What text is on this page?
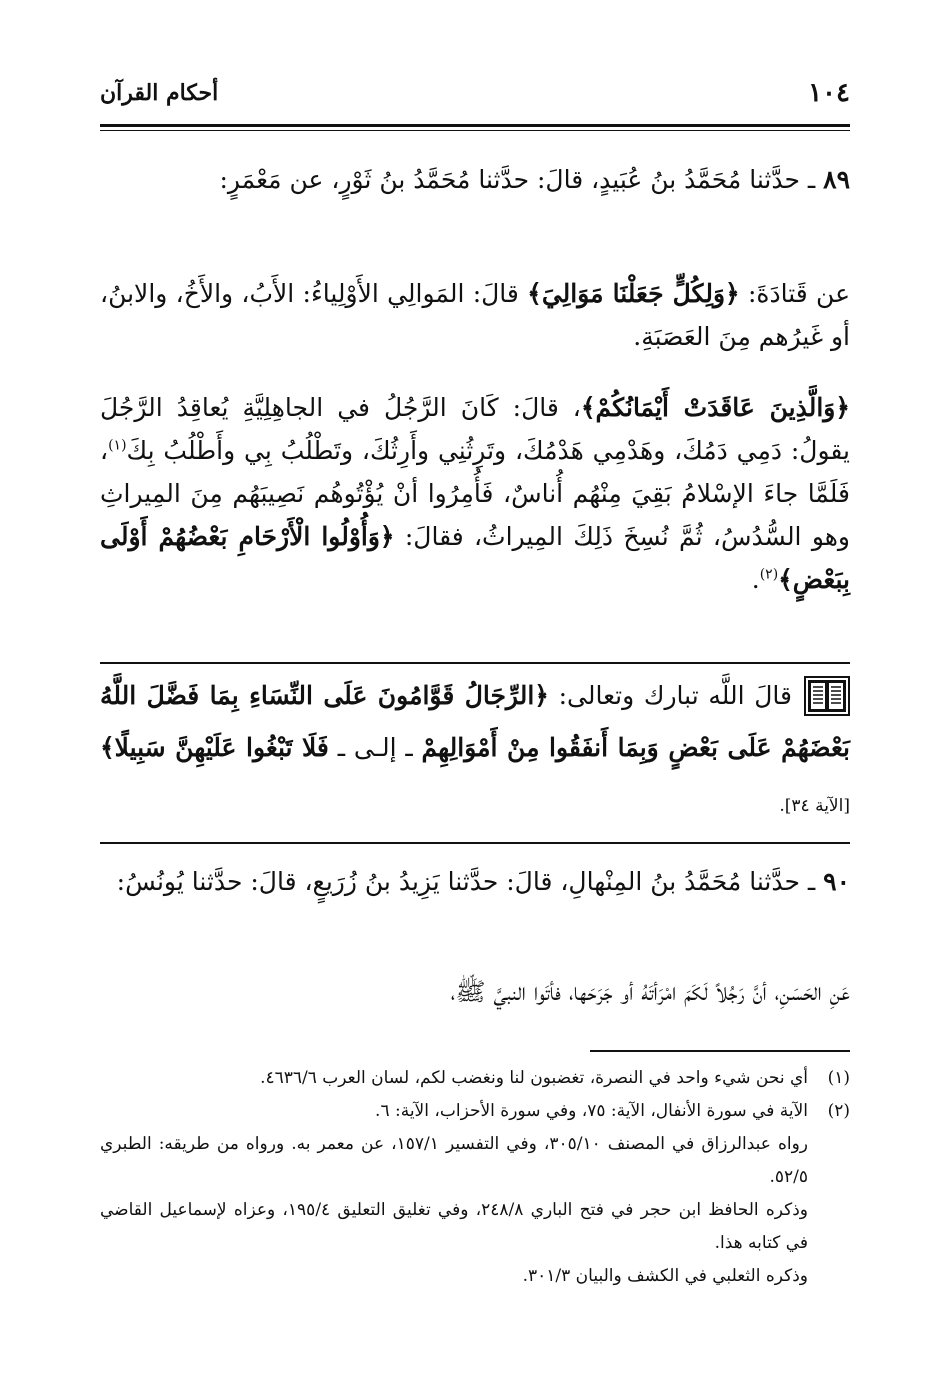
١٠٤
أحكام القرآن
٨٩ ـ حدَّثنا مُحَمَّدُ بنُ عُبَيدٍ، قالَ: حدَّثنا مُحَمَّدُ بنُ ثَوْرٍ، عن مَعْمَرٍ:
عن قَتادَةَ: ﴿وَلِكُلٍّ جَعَلْنَا مَوَالِيَ﴾ قالَ: المَوالِي الأَوْلِياءُ: الأَبُ، والأَخُ، والابنُ، أو غَيرُهم مِنَ العَصَبَةِ.
﴿وَالَّذِينَ عَاقَدَتْ أَيْمَانُكُمْ﴾، قالَ: كَانَ الرَّجُلُ في الجاهِلِيَّةِ يُعاقِدُ الرَّجُلَ يقولُ: دَمِي دَمُكَ، وهَدْمِي هَدْمُكَ، وتَرِثُنِي وأَرِثُكَ، وتَطْلُبُ بِي وأَطْلُبُ بِكَ$^{(١)}$، فَلَمَّا جاءَ الإسْلامُ بَقِيَ مِنْهُم أُناسٌ، فَأُمِرُوا أنْ يُؤْتُوهُم نَصِيبَهُم مِنَ المِيراثِ وهو السُّدُسُ، ثُمَّ نُسِخَ ذَلِكَ المِيراثُ، فقالَ: ﴿وَأُوْلُوا الْأَرْحَامِ بَعْضُهُمْ أَوْلَى بِبَعْضٍ﴾$^{(٢)}$.
قالَ اللَّه تبارك وتعالى: ﴿الرِّجَالُ قَوَّامُونَ عَلَى النِّسَاءِ بِمَا فَضَّلَ اللَّهُ بَعْضَهُمْ عَلَى بَعْضٍ وَبِمَا أَنفَقُوا مِنْ أَمْوَالِهِمْ ـ إلـى ـ فَلَا تَبْغُوا عَلَيْهِنَّ سَبِيلًا﴾ [الآية ٣٤].
٩٠ ـ حدَّثنا مُحَمَّدُ بنُ المِنْهالِ، قالَ: حدَّثنا يَزِيدُ بنُ زُرَيعٍ، قالَ: حدَّثنا يُونُسُ:
عَنِ الحَسَنِ، أنَّ رَجُلاً لَكَمَ امْرَأتَهُ أو جَرَحَها، فأتَوا النبيَّ ﷺ،
(١)
أي نحن شيء واحد في النصرة، تغضبون لنا ونغضب لكم، لسان العرب ٤٦٣٦/٦.
(٢)
الآية في سورة الأنفال، الآية: ٧٥، وفي سورة الأحزاب، الآية: ٦.
رواه عبدالرزاق في المصنف ٣٠٥/١٠، وفي التفسير ١٥٧/١، عن معمر به. ورواه من طريقه: الطبري ٥٢/٥.
وذكره الحافظ ابن حجر في فتح الباري ٢٤٨/٨، وفي تغليق التعليق ١٩٥/٤، وعزاه لإسماعيل القاضي في كتابه هذا.
وذكره الثعلبي في الكشف والبيان ٣٠١/٣.
